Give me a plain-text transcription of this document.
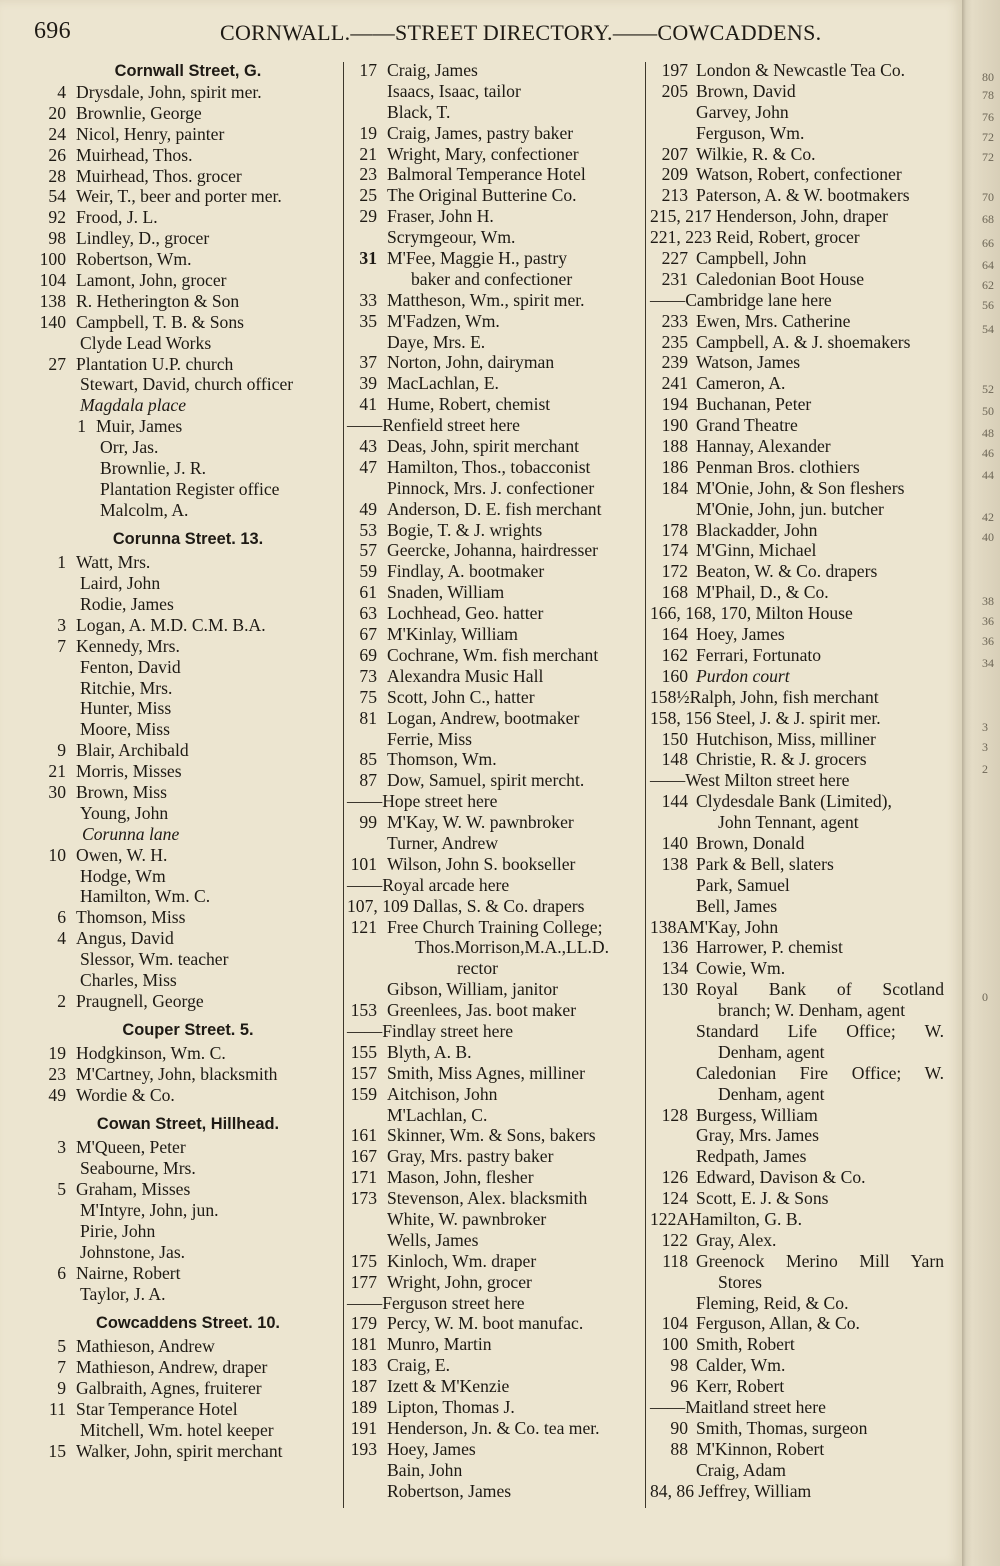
696	CORNWALL.——STREET DIRECTORY.——COWCADDENS.
Cornwall Street, G.
4 Drysdale, John, spirit mer.
20 Brownlie, George
24 Nicol, Henry, painter
26 Muirhead, Thos.
28 Muirhead, Thos. grocer
54 Weir, T., beer and porter mer.
92 Frood, J. L.
98 Lindley, D., grocer
100 Robertson, Wm.
104 Lamont, John, grocer
138 R. Hetherington & Son
140 Campbell, T. B. & Sons
Clyde Lead Works
27 Plantation U.P. church
Stewart, David, church officer
Magdala place
1 Muir, James
Orr, Jas.
Brownlie, J. R.
Plantation Register office
Malcolm, A.
Corunna Street. 13.
1 Watt, Mrs.
Laird, John
Rodie, James
3 Logan, A. M.D. C.M. B.A.
7 Kennedy, Mrs.
Fenton, David
Ritchie, Mrs.
Hunter, Miss
Moore, Miss
9 Blair, Archibald
21 Morris, Misses
30 Brown, Miss
Young, John
Corunna lane
10 Owen, W. H.
Hodge, Wm
Hamilton, Wm. C.
6 Thomson, Miss
4 Angus, David
Slessor, Wm. teacher
Charles, Miss
2 Praugnell, George
Couper Street. 5.
19 Hodgkinson, Wm. C.
23 M'Cartney, John, blacksmith
49 Wordie & Co.
Cowan Street, Hillhead.
3 M'Queen, Peter
Seabourne, Mrs.
5 Graham, Misses
M'Intyre, John, jun.
Pirie, John
Johnstone, Jas.
6 Nairne, Robert
Taylor, J. A.
Cowcaddens Street. 10.
5 Mathieson, Andrew
7 Mathieson, Andrew, draper
9 Galbraith, Agnes, fruiterer
11 Star Temperance Hotel
Mitchell, Wm. hotel keeper
15 Walker, John, spirit merchant
17 Craig, James
Isaacs, Isaac, tailor
Black, T.
19 Craig, James, pastry baker
21 Wright, Mary, confectioner
23 Balmoral Temperance Hotel
25 The Original Butterine Co.
29 Fraser, John H.
Scrymgeour, Wm.
31 M'Fee, Maggie H., pastry
baker and confectioner
33 Mattheson, Wm., spirit mer.
35 M'Fadzen, Wm.
Daye, Mrs. E.
37 Norton, John, dairyman
39 MacLachlan, E.
41 Hume, Robert, chemist
——Renfield street here
43 Deas, John, spirit merchant
47 Hamilton, Thos., tobacconist
Pinnock, Mrs. J. confectioner
49 Anderson, D. E. fish merchant
53 Bogie, T. & J. wrights
57 Geercke, Johanna, hairdresser
59 Findlay, A. bootmaker
61 Snaden, William
63 Lochhead, Geo. hatter
67 M'Kinlay, William
69 Cochrane, Wm. fish merchant
73 Alexandra Music Hall
75 Scott, John C., hatter
81 Logan, Andrew, bootmaker
Ferrie, Miss
85 Thomson, Wm.
87 Dow, Samuel, spirit mercht.
——Hope street here
99 M'Kay, W. W. pawnbroker
Turner, Andrew
101 Wilson, John S. bookseller
——Royal arcade here
107, 109 Dallas, S. & Co. drapers
121 Free Church Training College;
Thos.Morrison,M.A.,LL.D.
rector
Gibson, William, janitor
153 Greenlees, Jas. boot maker
——Findlay street here
155 Blyth, A. B.
157 Smith, Miss Agnes, milliner
159 Aitchison, John
M'Lachlan, C.
161 Skinner, Wm. & Sons, bakers
167 Gray, Mrs. pastry baker
171 Mason, John, flesher
173 Stevenson, Alex. blacksmith
White, W. pawnbroker
Wells, James
175 Kinloch, Wm. draper
177 Wright, John, grocer
——Ferguson street here
179 Percy, W. M. boot manufac.
181 Munro, Martin
183 Craig, E.
187 Izett & M'Kenzie
189 Lipton, Thomas J.
191 Henderson, Jn. & Co. tea mer.
193 Hoey, James
Bain, John
Robertson, James
197 London & Newcastle Tea Co.
205 Brown, David
Garvey, John
Ferguson, Wm.
207 Wilkie, R. & Co.
209 Watson, Robert, confectioner
213 Paterson, A. & W. bootmakers
215, 217 Henderson, John, draper
221, 223 Reid, Robert, grocer
227 Campbell, John
231 Caledonian Boot House
——Cambridge lane here
233 Ewen, Mrs. Catherine
235 Campbell, A. & J. shoemakers
239 Watson, James
241 Cameron, A.
194 Buchanan, Peter
190 Grand Theatre
188 Hannay, Alexander
186 Penman Bros. clothiers
184 M'Onie, John, & Son fleshers
M'Onie, John, jun. butcher
178 Blackadder, John
174 M'Ginn, Michael
172 Beaton, W. & Co. drapers
168 M'Phail, D., & Co.
166, 168, 170, Milton House
164 Hoey, James
162 Ferrari, Fortunato
160 Purdon court
158½Ralph, John, fish merchant
158, 156 Steel, J. & J. spirit mer.
150 Hutchison, Miss, milliner
148 Christie, R. & J. grocers
——West Milton street here
144 Clydesdale Bank (Limited),
John Tennant, agent
140 Brown, Donald
138 Park & Bell, slaters
Park, Samuel
Bell, James
138AM'Kay, John
136 Harrower, P. chemist
134 Cowie, Wm.
130 Royal Bank of Scotland
branch; W. Denham, agent
Standard Life Office; W.
Denham, agent
Caledonian Fire Office; W.
Denham, agent
128 Burgess, William
Gray, Mrs. James
Redpath, James
126 Edward, Davison & Co.
124 Scott, E. J. & Sons
122AHamilton, G. B.
122 Gray, Alex.
118 Greenock Merino Mill Yarn
Stores
Fleming, Reid, & Co.
104 Ferguson, Allan, & Co.
100 Smith, Robert
98 Calder, Wm.
96 Kerr, Robert
——Maitland street here
90 Smith, Thomas, surgeon
88 M'Kinnon, Robert
Craig, Adam
84, 86 Jeffrey, William
80
78
76
72
72
70
68
66
64
62
56
54
52
50
48
46
44
42
40
38
36
36
34
3
3
2
0
